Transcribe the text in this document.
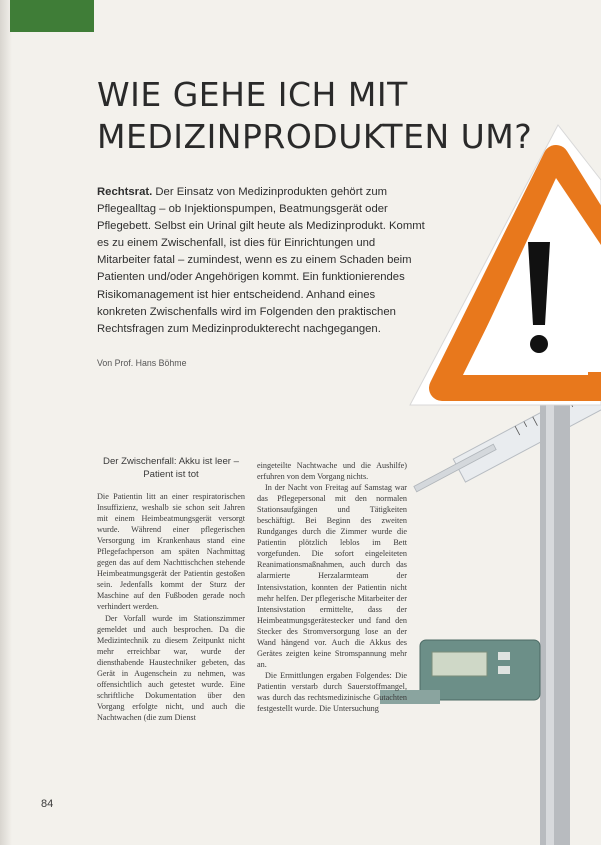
WIE GEHE ICH MIT
MEDIZINPRODUKTEN UM?

Rechtsrat. Der Einsatz von Medizinprodukten gehört zum Pflegealltag – ob Injektionspumpen, Beatmungsgerät oder Pflegebett. Selbst ein Urinal gilt heute als Medizinprodukt. Kommt es zu einem Zwischenfall, ist dies für Einrichtungen und Mitarbeiter fatal – zumindest, wenn es zu einem Schaden beim Patienten und/oder Angehörigen kommt. Ein funktionierendes Risikomanagement ist hier entscheidend. Anhand eines konkreten Zwischenfalls wird im Folgenden den praktischen Rechtsfragen zum Medizinprodukterecht nachgegangen.

Von Prof. Hans Böhme
Der Zwischenfall: Akku ist leer – Patient ist tot

Die Patientin litt an einer respiratorischen Insuffizienz, weshalb sie schon seit Jahren mit einem Heimbeatmungsgerät versorgt wurde. Während einer pflegerischen Versorgung im Krankenhaus stand eine Pflegefachperson am späten Nachmittag gegen das auf dem Nachttischchen stehende Heimbeatmungsgerät der Patientin gestoßen sein. Jedenfalls kommt der Sturz der Maschine auf den Fußboden gerade noch verhindert werden.

Der Vorfall wurde im Stationszimmer gemeldet und auch besprochen. Da die Medizintechnik zu diesem Zeitpunkt nicht mehr erreichbar war, wurde der diensthabende Haustechniker gebeten, das Gerät in Augenschein zu nehmen, was offensichtlich auch getestet wurde. Eine schriftliche Dokumentation über den Vorgang erfolgte nicht, und auch die Nachtwachen (die zum Dienst

eingeteilte Nachtwache und die Aushilfe) erfuhren von dem Vorgang nichts.

In der Nacht von Freitag auf Samstag war das Pflegepersonal mit den normalen Stationsaufgängen und Tätigkeiten beschäftigt. Bei Beginn des zweiten Rundganges durch die Zimmer wurde die Patientin plötzlich leblos im Bett vorgefunden. Die sofort eingeleiteten Reanimationsmaßnahmen, auch durch das alarmierte Herzalarmteam der Intensivstation, konnten der Patientin nicht mehr helfen. Der pflegerische Mitarbeiter der Intensivstation ermittelte, dass der Heimbeatmungsgerätestecker und fand den Stecker des Stromversorgung lose an der Wand hängend vor. Auch die Akkus des Gerätes zeigten keine Stromspannung mehr an.

Die Ermittlungen ergaben Folgendes: Die Patientin verstarb durch Sauerstoffmangel, was durch das rechtsmedizinische Gutachten festgestellt wurde. Die Untersuchung

84
